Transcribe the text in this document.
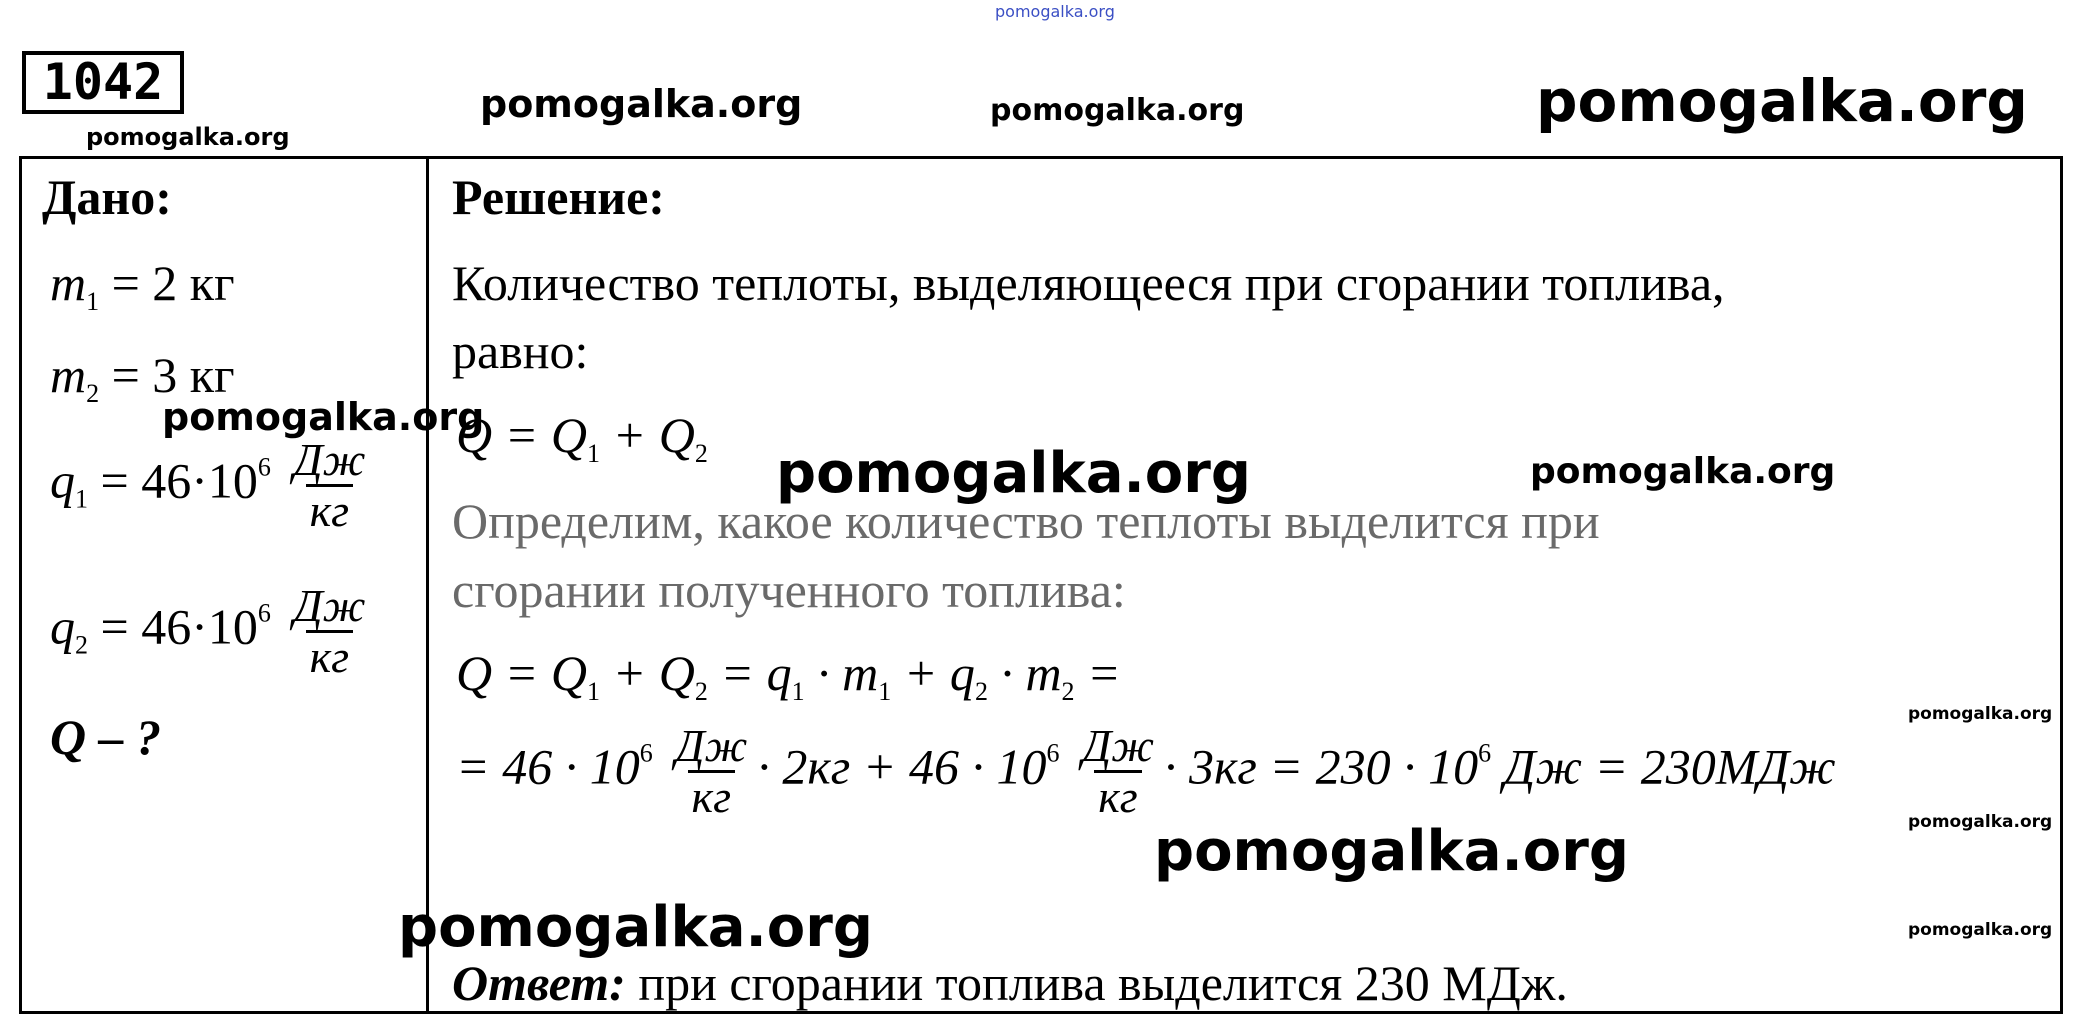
pomogalka.org
1042
pomogalka.org
pomogalka.org	pomogalka.org	pomogalka.org
Дано:
$m_1 = 2$ кг
$m_2 = 3$ кг
$q_1 = 46\cdot 10^6 \frac{Дж}{кг}$
$q_2 = 46\cdot 10^6 \frac{Дж}{кг}$
Q – ?
Решение:
Количество теплоты, выделяющееся при сгорании топлива,
равно:
$Q = Q_1 + Q_2$
Определим, какое количество теплоты выделится при
сгорании полученного топлива:
$Q = Q_1 + Q_2 = q_1 \cdot m_1 + q_2 \cdot m_2$ =
= $46 \cdot 10^6 \frac{Дж}{кг} \cdot 2кг + 46 \cdot 10^6 \frac{Дж}{кг} \cdot 3кг = 230 \cdot 10^6$ Дж = 230МДж
Ответ: при сгорании топлива выделится 230 МДж.
pomogalka.org
pomogalka.org	pomogalka.org
pomogalka.org
pomogalka.org
pomogalka.org
pomogalka.org
pomogalka.org
